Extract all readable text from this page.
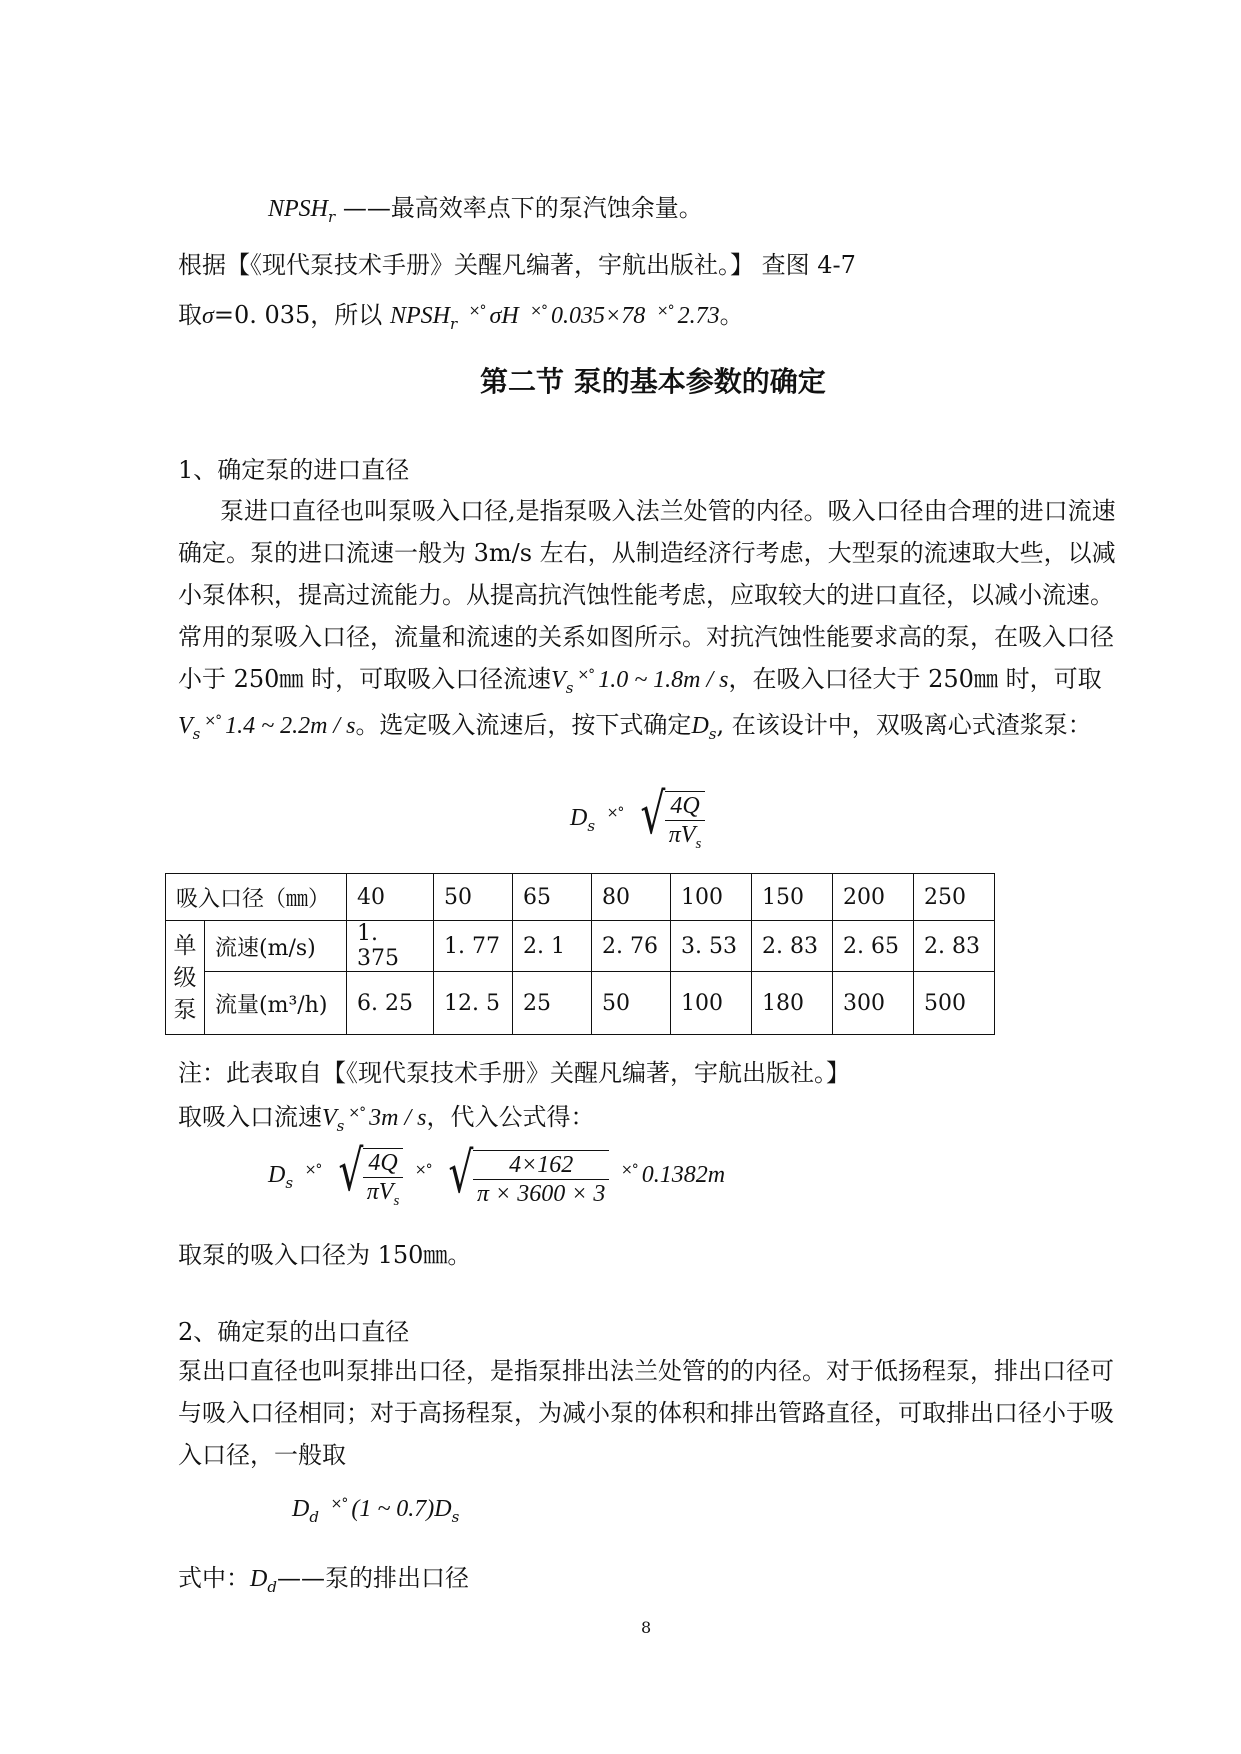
$NPSH_r$ ——最高效率点下的泵汽蚀余量。
根据【《现代泵技术手册》关醒凡编著，宇航出版社。】 查图 4-7
取σ=0. 035，所以 $NPSH_r$ ×° σH ×° 0.035×78 ×° 2.73。
第二节 泵的基本参数的确定
1、确定泵的进口直径
泵进口直径也叫泵吸入口径,是指泵吸入法兰处管的内径。吸入口径由合理的进口流速确定。泵的进口流速一般为 3m/s 左右，从制造经济行考虑，大型泵的流速取大些，以减小泵体积，提高过流能力。从提高抗汽蚀性能考虑，应取较大的进口直径，以减小流速。常用的泵吸入口径，流量和流速的关系如图所示。对抗汽蚀性能要求高的泵，在吸入口径小于 250㎜ 时，可取吸入口径流速$V_s^{\times^\circ}$ 1.0 ~ 1.8m / s，在吸入口径大于 250㎜ 时，可取$V_s^{\times^\circ}$ 1.4 ~ 2.2m / s。选定吸入流速后，按下式确定$D_s$, 在该设计中，双吸离心式渣浆泵：
$D_s$ ×° √ $\frac{4Q}{\pi V_s}$
吸入口径（㎜）		40	50	65	80	100	150	200	250
单
级
泵	流速(m/s)	1. 375	1. 77	2. 1	2. 76	3. 53	2. 83	2. 65	2. 83
	流量(m³/h)	6. 25	12. 5	25	50	100	180	300	500
注：此表取自【《现代泵技术手册》关醒凡编著，宇航出版社。】
取吸入口流速$V_s^{\times^\circ}$ 3m / s，代入公式得：
$D_s$ ×° √ $\frac{4Q}{\pi V_s} ^{\times^\circ}$ √ $\frac{4\times 162}{\pi \times 3600 \times 3} ^{\times^\circ}$ 0.1382m
取泵的吸入口径为 150㎜。
2、确定泵的出口直径
泵出口直径也叫泵排出口径，是指泵排出法兰处管的的内径。对于低扬程泵，排出口径可与吸入口径相同；对于高扬程泵，为减小泵的体积和排出管路直径，可取排出口径小于吸入口径，一般取
$D_d$ ×° (1 ~ $0.7)D_s$
式中：$D_d——$泵的排出口径
8
